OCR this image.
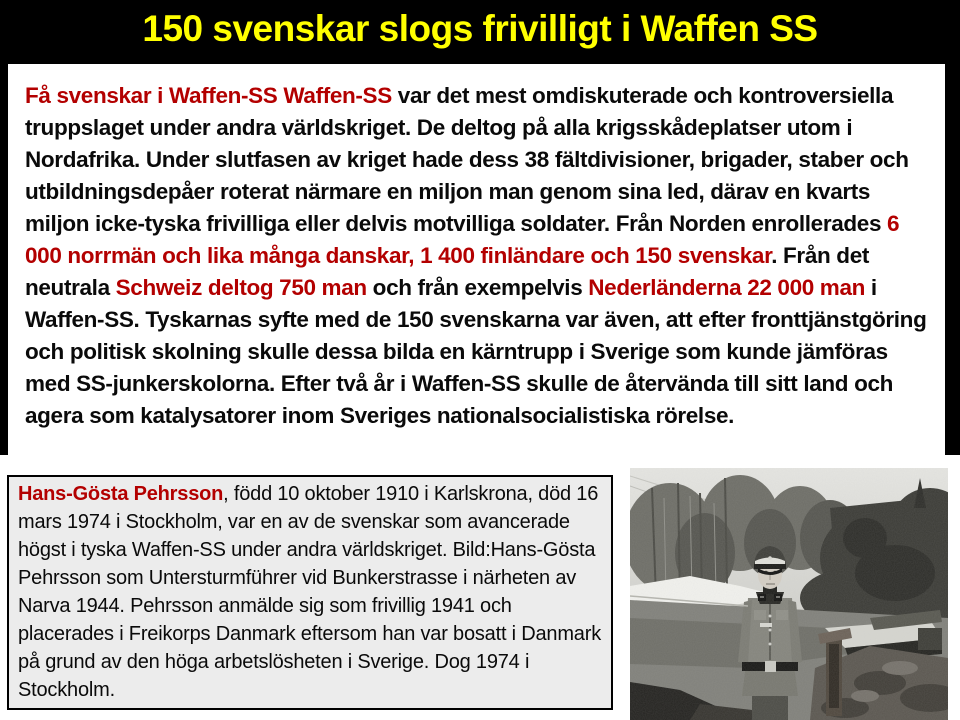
150 svenskar slogs frivilligt i Waffen SS
Få svenskar i Waffen-SS Waffen-SS var det mest omdiskuterade och kontroversiella truppslaget under andra världskriget. De deltog på alla krigsskådeplatser utom i Nordafrika. Under slutfasen av kriget hade dess 38 fältdivisioner, brigader, staber och utbildningsdepåer roterat närmare en miljon man genom sina led, därav en kvarts miljon icke-tyska frivilliga eller delvis motvilliga soldater. Från Norden enrollerades 6 000 norrmän och lika många danskar, 1 400 finländare och 150 svenskar. Från det neutrala Schweiz deltog 750 man och från exempelvis Nederländerna 22 000 man i Waffen-SS. Tyskarnas syfte med de 150 svenskarna var även, att efter fronttjänstgöring och politisk skolning skulle dessa bilda en kärntrupp i Sverige som kunde jämföras med SS-junkerskolorna. Efter två år i Waffen-SS skulle de återvända till sitt land och agera som katalysatorer inom Sveriges nationalsocialistiska rörelse.
Hans-Gösta Pehrsson, född 10 oktober 1910 i Karlskrona, död 16 mars 1974 i Stockholm, var en av de svenskar som avancerade högst i tyska Waffen-SS under andra världskriget. Bild:Hans-Gösta Pehrsson som Untersturmführer vid Bunkerstrasse i närheten av Narva 1944. Pehrsson anmälde sig som frivillig 1941 och placerades i Freikorps Danmark eftersom han var bosatt i Danmark på grund av den höga arbetslösheten i Sverige. Dog 1974 i Stockholm.
